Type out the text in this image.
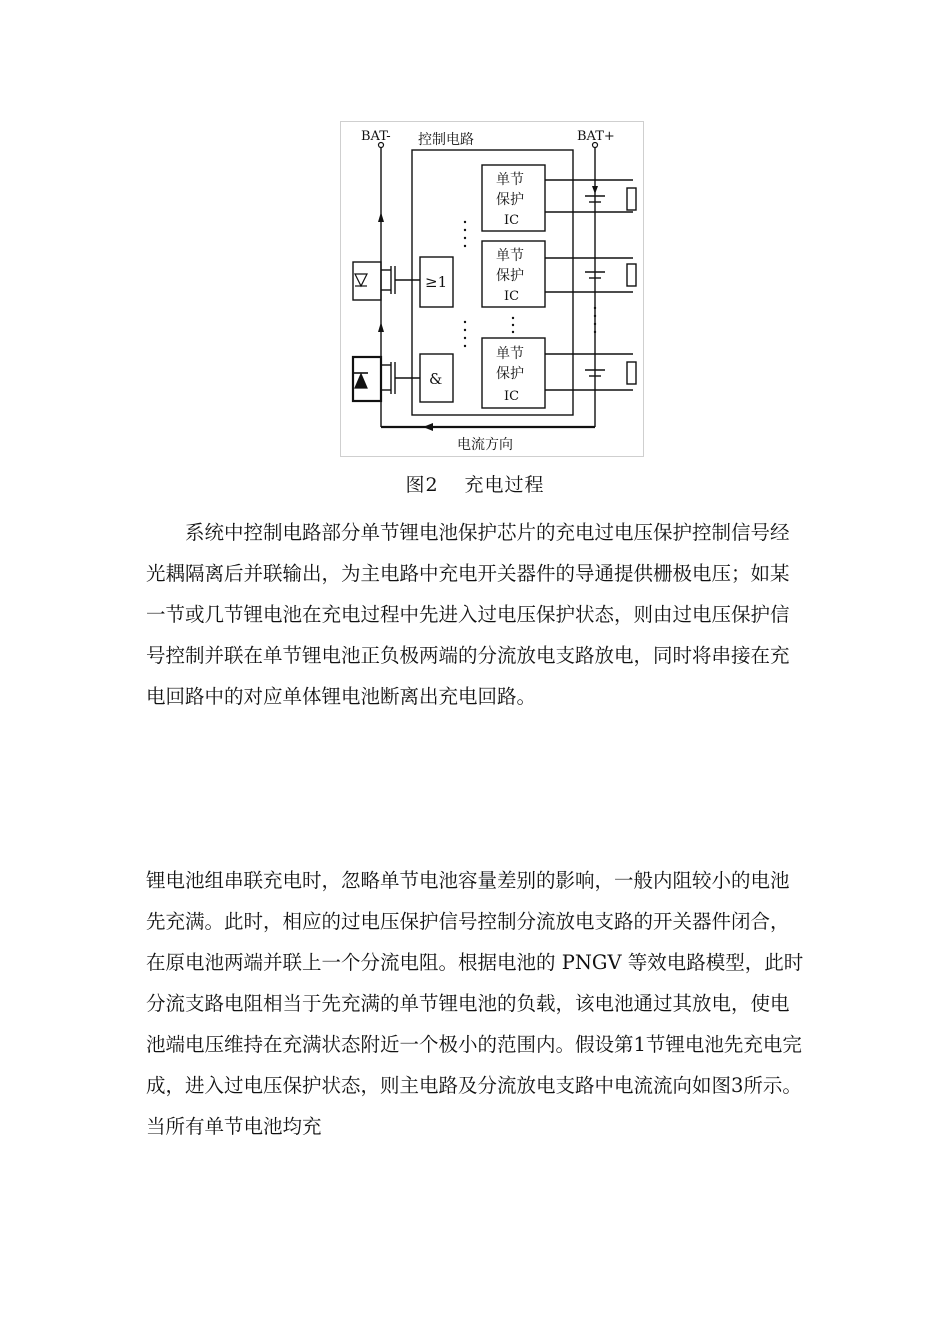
BAT-	BAT+
控制电路
≥1
&
单节
保护
IC
单节
保护
IC
单节
保护
IC
电流方向
图2 充电过程

系统中控制电路部分单节锂电池保护芯片的充电过电压保护控制信号经光耦隔离后并联输出，为主电路中充电开关器件的导通提供栅极电压；如某一节或几节锂电池在充电过程中先进入过电压保护状态，则由过电压保护信号控制并联在单节锂电池正负极两端的分流放电支路放电，同时将串接在充电回路中的对应单体锂电池断离出充电回路。

锂电池组串联充电时，忽略单节电池容量差别的影响，一般内阻较小的电池先充满。此时，相应的过电压保护信号控制分流放电支路的开关器件闭合，在原电池两端并联上一个分流电阻。根据电池的 PNGV 等效电路模型，此时分流支路电阻相当于先充满的单节锂电池的负载，该电池通过其放电，使电池端电压维持在充满状态附近一个极小的范围内。假设第1节锂电池先充电完成，进入过电压保护状态，则主电路及分流放电支路中电流流向如图3所示。当所有单节电池均充
